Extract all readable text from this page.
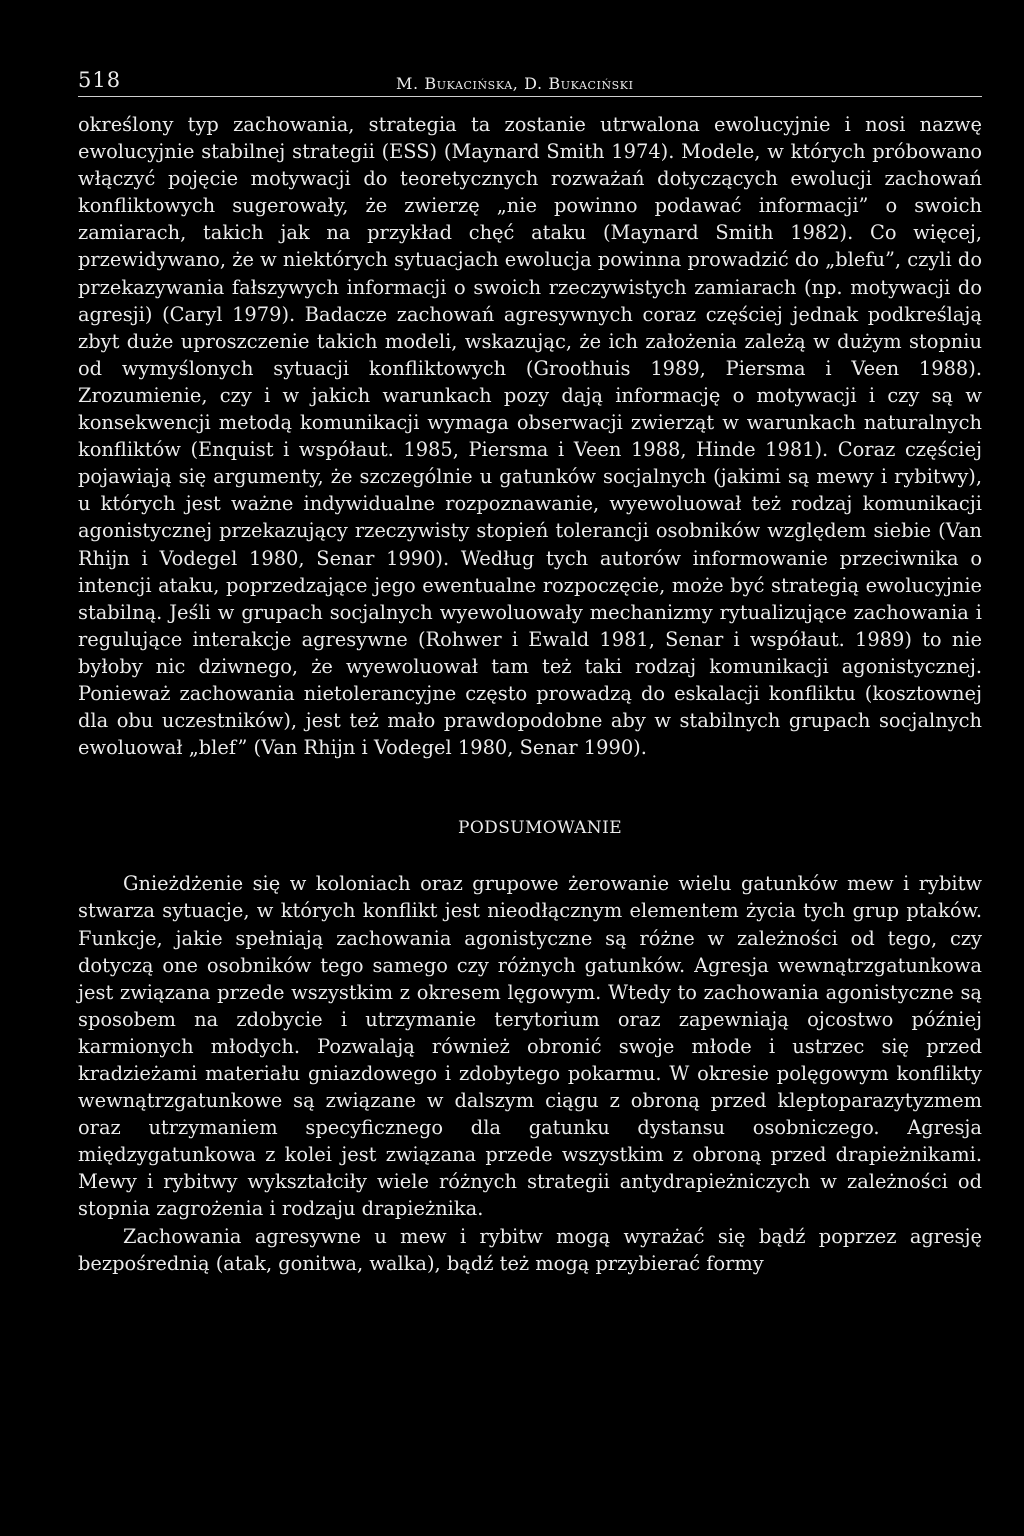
518	M. Bukacińska, D. Bukaciński

określony typ zachowania, strategia ta zostanie utrwalona ewolucyjnie i nosi nazwę ewolucyjnie stabilnej strategii (ESS) (Maynard Smith 1974). Modele, w których próbowano włączyć pojęcie motywacji do teoretycznych rozważań dotyczących ewolucji zachowań konfliktowych sugerowały, że zwierzę „nie powinno podawać informacji” o swoich zamiarach, takich jak na przykład chęć ataku (Maynard Smith 1982). Co więcej, przewidywano, że w niektórych sytuacjach ewolucja powinna prowadzić do „blefu”, czyli do przekazywania fałszywych informacji o swoich rzeczywistych zamiarach (np. motywacji do agresji) (Caryl 1979). Badacze zachowań agresywnych coraz częściej jednak podkreślają zbyt duże uproszczenie takich modeli, wskazując, że ich założenia zależą w dużym stopniu od wymyślonych sytuacji konfliktowych (Groothuis 1989, Piersma i Veen 1988). Zrozumienie, czy i w jakich warunkach pozy dają informację o motywacji i czy są w konsekwencji metodą komunikacji wymaga obserwacji zwierząt w warunkach naturalnych konfliktów (Enquist i współaut. 1985, Piersma i Veen 1988, Hinde 1981). Coraz częściej pojawiają się argumenty, że szczególnie u gatunków socjalnych (jakimi są mewy i rybitwy), u których jest ważne indywidualne rozpoznawanie, wyewoluował też rodzaj komunikacji agonistycznej przekazujący rzeczywisty stopień tolerancji osobników względem siebie (Van Rhijn i Vodegel 1980, Senar 1990). Według tych autorów informowanie przeciwnika o intencji ataku, poprzedzające jego ewentualne rozpoczęcie, może być strategią ewolucyjnie stabilną. Jeśli w grupach socjalnych wyewoluowały mechanizmy rytualizujące zachowania i regulujące interakcje agresywne (Rohwer i Ewald 1981, Senar i współaut. 1989) to nie byłoby nic dziwnego, że wyewoluował tam też taki rodzaj komunikacji agonistycznej. Ponieważ zachowania nietolerancyjne często prowadzą do eskalacji konfliktu (kosztownej dla obu uczestników), jest też mało prawdopodobne aby w stabilnych grupach socjalnych ewoluował „blef” (Van Rhijn i Vodegel 1980, Senar 1990).

PODSUMOWANIE

Gnieżdżenie się w koloniach oraz grupowe żerowanie wielu gatunków mew i rybitw stwarza sytuacje, w których konflikt jest nieodłącznym elementem życia tych grup ptaków. Funkcje, jakie spełniają zachowania agonistyczne są różne w zależności od tego, czy dotyczą one osobników tego samego czy różnych gatunków. Agresja wewnątrzgatunkowa jest związana przede wszystkim z okresem lęgowym. Wtedy to zachowania agonistyczne są sposobem na zdobycie i utrzymanie terytorium oraz zapewniają ojcostwo później karmionych młodych. Pozwalają również obronić swoje młode i ustrzec się przed kradzieżami materiału gniazdowego i zdobytego pokarmu. W okresie polęgowym konflikty wewnątrzgatunkowe są związane w dalszym ciągu z obroną przed kleptoparazytyzmem oraz utrzymaniem specyficznego dla gatunku dystansu osobniczego. Agresja międzygatunkowa z kolei jest związana przede wszystkim z obroną przed drapieżnikami. Mewy i rybitwy wykształciły wiele różnych strategii antydrapieżniczych w zależności od stopnia zagrożenia i rodzaju drapieżnika.

Zachowania agresywne u mew i rybitw mogą wyrażać się bądź poprzez agresję bezpośrednią (atak, gonitwa, walka), bądź też mogą przybierać formy
